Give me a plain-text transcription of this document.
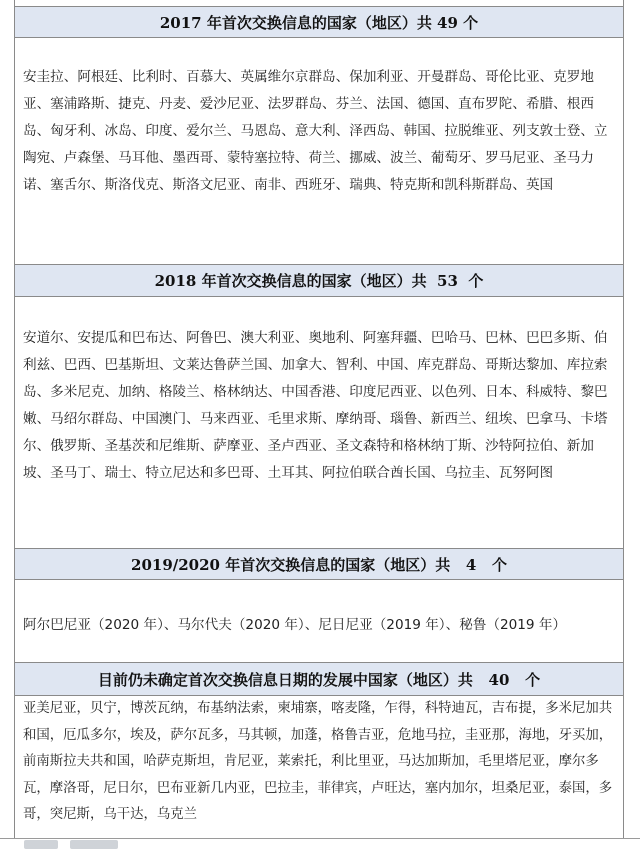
2017 年首次交换信息的国家（地区）共 49 个
安圭拉、阿根廷、比利时、百慕大、英属维尔京群岛、保加利亚、开曼群岛、哥伦比亚、克罗地亚、塞浦路斯、捷克、丹麦、爱沙尼亚、法罗群岛、芬兰、法国、德国、直布罗陀、希腊、根西岛、匈牙利、冰岛、印度、爱尔兰、马恩岛、意大利、泽西岛、韩国、拉脱维亚、列支敦士登、立陶宛、卢森堡、马耳他、墨西哥、蒙特塞拉特、荷兰、挪威、波兰、葡萄牙、罗马尼亚、圣马力诺、塞舌尔、斯洛伐克、斯洛文尼亚、南非、西班牙、瑞典、特克斯和凯科斯群岛、英国
2018 年首次交换信息的国家（地区）共  53  个
安道尔、安提瓜和巴布达、阿鲁巴、澳大利亚、奥地利、阿塞拜疆、巴哈马、巴林、巴巴多斯、伯利兹、巴西、巴基斯坦、文莱达鲁萨兰国、加拿大、智利、中国、库克群岛、哥斯达黎加、库拉索岛、多米尼克、加纳、格陵兰、格林纳达、中国香港、印度尼西亚、以色列、日本、科威特、黎巴嫩、马绍尔群岛、中国澳门、马来西亚、毛里求斯、摩纳哥、瑙鲁、新西兰、纽埃、巴拿马、卡塔尔、俄罗斯、圣基茨和尼维斯、萨摩亚、圣卢西亚、圣文森特和格林纳丁斯、沙特阿拉伯、新加坡、圣马丁、瑞士、特立尼达和多巴哥、土耳其、阿拉伯联合酋长国、乌拉圭、瓦努阿图
2019/2020 年首次交换信息的国家（地区）共   4   个
阿尔巴尼亚（2020 年）、马尔代夫（2020 年）、尼日尼亚（2019 年）、秘鲁（2019 年）
目前仍未确定首次交换信息日期的发展中国家（地区）共   40   个
亚美尼亚，贝宁，博茨瓦纳，布基纳法索，柬埔寨，喀麦隆，乍得，科特迪瓦，吉布提，多米尼加共和国，厄瓜多尔，埃及，萨尔瓦多，马其顿，加蓬，格鲁吉亚，危地马拉，圭亚那，海地，牙买加，前南斯拉夫共和国，哈萨克斯坦，肯尼亚，莱索托，利比里亚，马达加斯加，毛里塔尼亚，摩尔多瓦，摩洛哥，尼日尔，巴布亚新几内亚，巴拉圭，菲律宾，卢旺达，塞内加尔，坦桑尼亚，泰国，多哥，突尼斯，乌干达，乌克兰
